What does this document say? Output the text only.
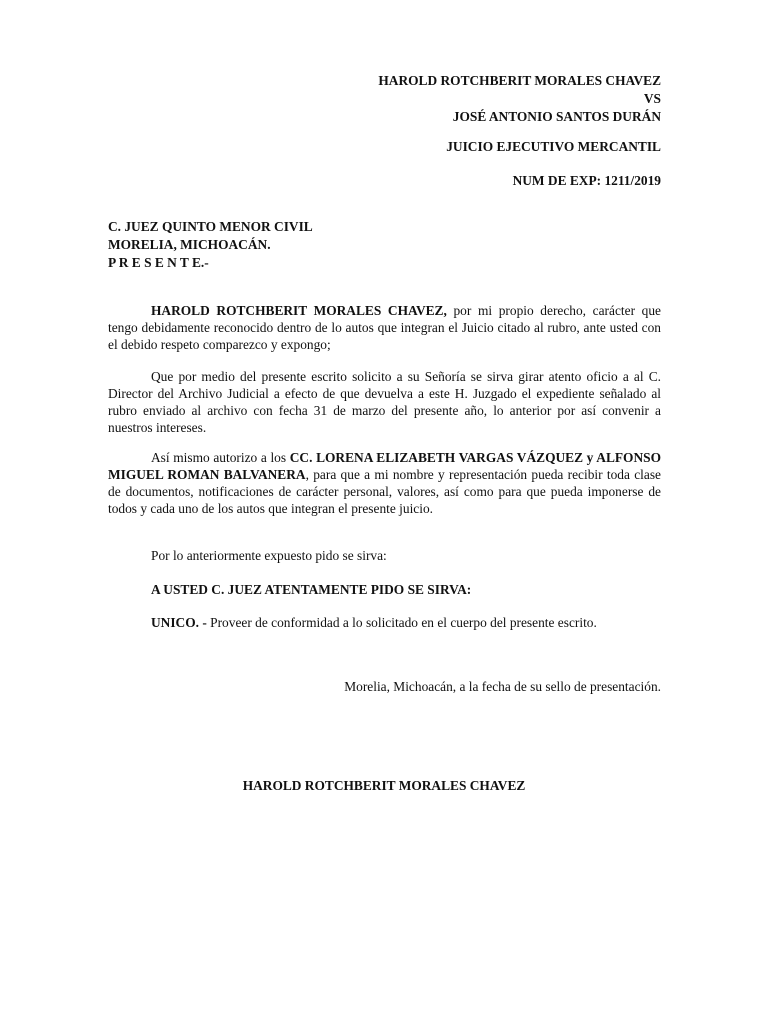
HAROLD ROTCHBERIT MORALES CHAVEZ
VS
JOSÉ ANTONIO SANTOS DURÁN
JUICIO EJECUTIVO MERCANTIL
NUM DE EXP: 1211/2019
C. JUEZ QUINTO MENOR CIVIL
MORELIA, MICHOACÁN.
P R E S E N T E.-
HAROLD ROTCHBERIT MORALES CHAVEZ, por mi propio derecho, carácter que tengo debidamente reconocido dentro de lo autos que integran el Juicio citado al rubro, ante usted con el debido respeto comparezco y expongo;
Que por medio del presente escrito solicito a su Señoría se sirva girar atento oficio a al C. Director del Archivo Judicial a efecto de que devuelva a este H. Juzgado el expediente señalado al rubro enviado al archivo con fecha 31 de marzo del presente año, lo anterior por así convenir a nuestros intereses.
Así mismo autorizo a los CC. LORENA ELIZABETH VARGAS VÁZQUEZ y ALFONSO MIGUEL ROMAN BALVANERA, para que a mi nombre y representación pueda recibir toda clase de documentos, notificaciones de carácter personal, valores, así como para que pueda imponerse de todos y cada uno de los autos que integran el presente juicio.
Por lo anteriormente expuesto pido se sirva:
A USTED C. JUEZ ATENTAMENTE PIDO SE SIRVA:
UNICO. - Proveer de conformidad a lo solicitado en el cuerpo del presente escrito.
Morelia, Michoacán, a la fecha de su sello de presentación.
HAROLD ROTCHBERIT MORALES CHAVEZ
